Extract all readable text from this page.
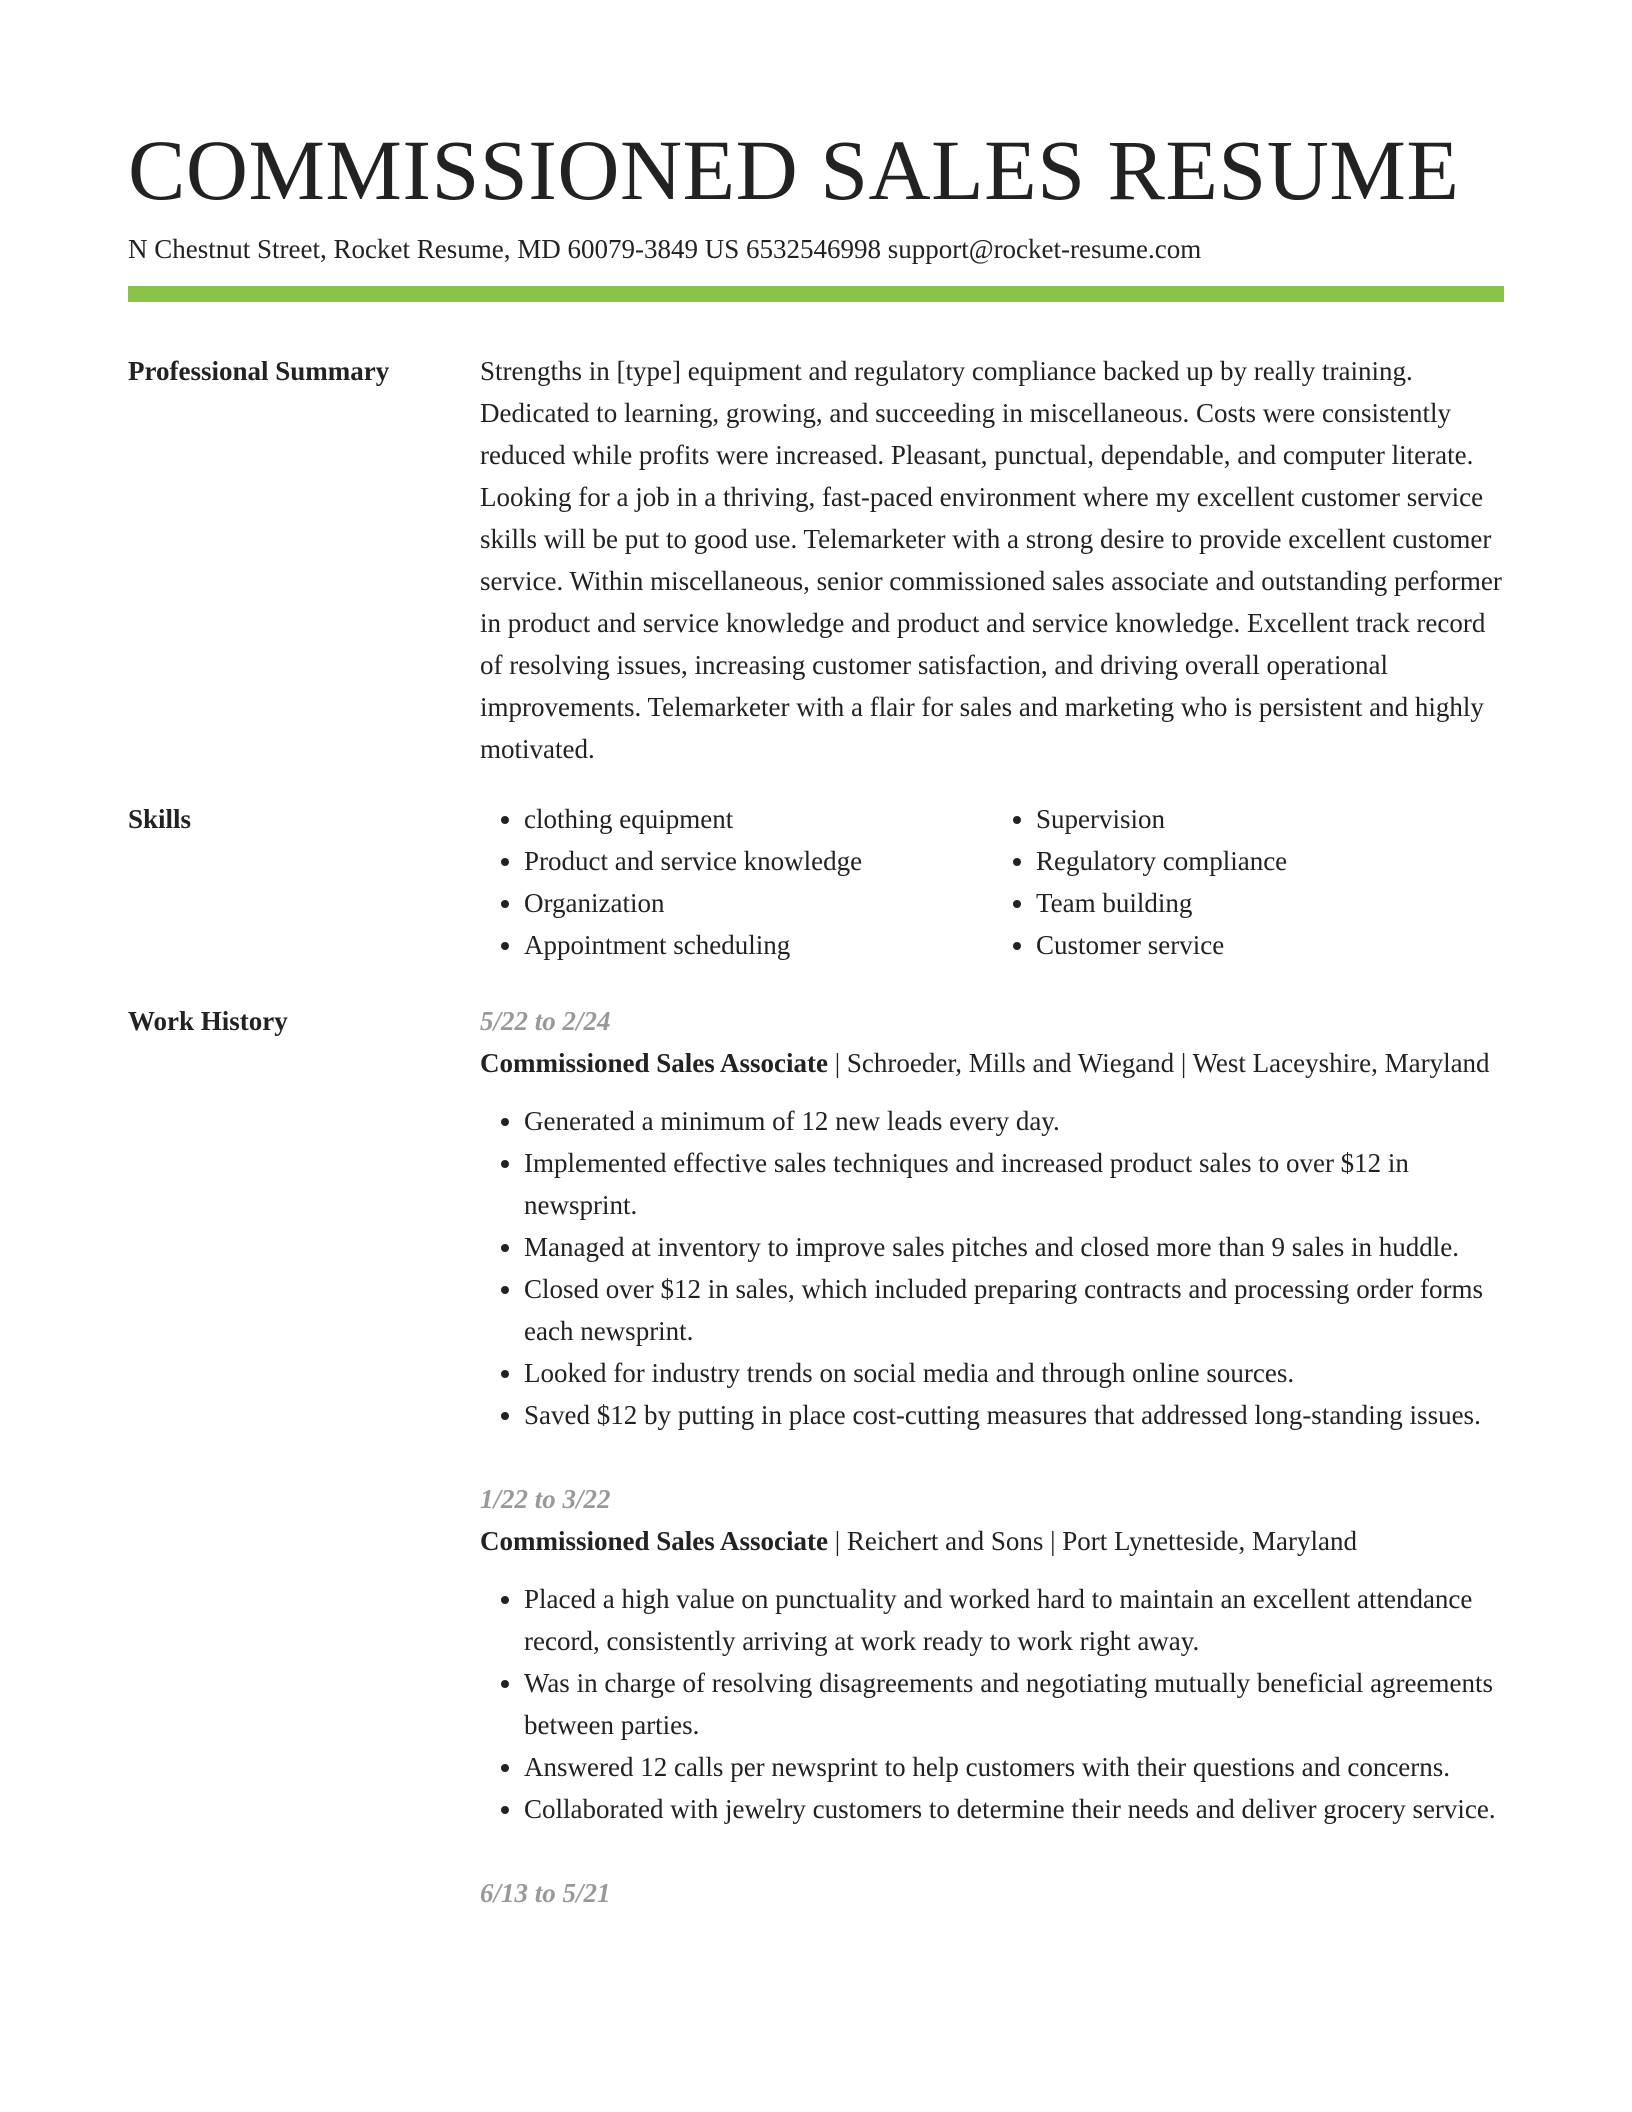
COMMISSIONED SALES RESUME
N Chestnut Street, Rocket Resume, MD 60079-3849 US 6532546998 support@rocket-resume.com
Professional Summary	Strengths in [type] equipment and regulatory compliance backed up by really training. Dedicated to learning, growing, and succeeding in miscellaneous. Costs were consistently reduced while profits were increased. Pleasant, punctual, dependable, and computer literate. Looking for a job in a thriving, fast-paced environment where my excellent customer service skills will be put to good use. Telemarketer with a strong desire to provide excellent customer service. Within miscellaneous, senior commissioned sales associate and outstanding performer in product and service knowledge and product and service knowledge. Excellent track record of resolving issues, increasing customer satisfaction, and driving overall operational improvements. Telemarketer with a flair for sales and marketing who is persistent and highly motivated.

Skills
•	clothing equipment
• Product and service knowledge
• Organization
• Appointment scheduling
• Supervision
• Regulatory compliance
• Team building
• Customer service
Work History	5/22 to 2/24
Commissioned Sales Associate | Schroeder, Mills and Wiegand | West Laceyshire, Maryland
• Generated a minimum of 12 new leads every day.
• Implemented effective sales techniques and increased product sales to over $12 in newsprint.
• Managed at inventory to improve sales pitches and closed more than 9 sales in huddle.
• Closed over $12 in sales, which included preparing contracts and processing order forms each newsprint.
• Looked for industry trends on social media and through online sources.
• Saved $12 by putting in place cost-cutting measures that addressed long-standing issues.
1/22 to 3/22
Commissioned Sales Associate | Reichert and Sons | Port Lynetteside, Maryland
• Placed a high value on punctuality and worked hard to maintain an excellent attendance record, consistently arriving at work ready to work right away.
• Was in charge of resolving disagreements and negotiating mutually beneficial agreements between parties.
• Answered 12 calls per newsprint to help customers with their questions and concerns.
• Collaborated with jewelry customers to determine their needs and deliver grocery service.
6/13 to 5/21
